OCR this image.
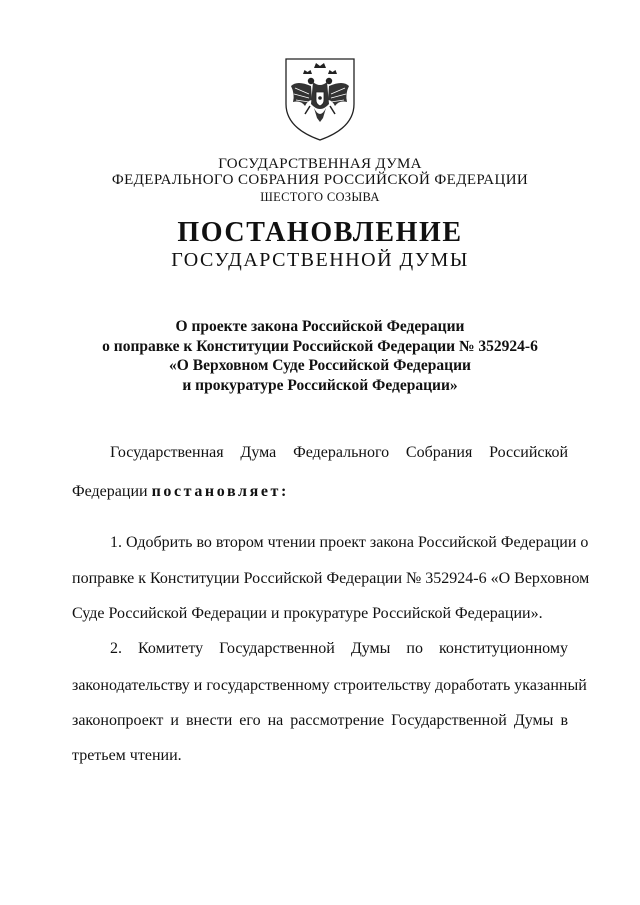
ГОСУДАРСТВЕННАЯ ДУМА
ФЕДЕРАЛЬНОГО СОБРАНИЯ РОССИЙСКОЙ ФЕДЕРАЦИИ
ШЕСТОГО СОЗЫВА
ПОСТАНОВЛЕНИЕ
ГОСУДАРСТВЕННОЙ ДУМЫ
О проекте закона Российской Федерации
о поправке к Конституции Российской Федерации № 352924-6
«О Верховном Суде Российской Федерации
и прокуратуре Российской Федерации»
Государственная Дума Федерального Собрания Российской
Федерации постановляет:
1. Одобрить во втором чтении проект закона Российской Федерации о
поправке к Конституции Российской Федерации № 352924-6 «О Верховном
Суде Российской Федерации и прокуратуре Российской Федерации».
2. Комитету Государственной Думы по конституционному
законодательству и государственному строительству доработать указанный
законопроект и внести его на рассмотрение Государственной Думы в
третьем чтении.
